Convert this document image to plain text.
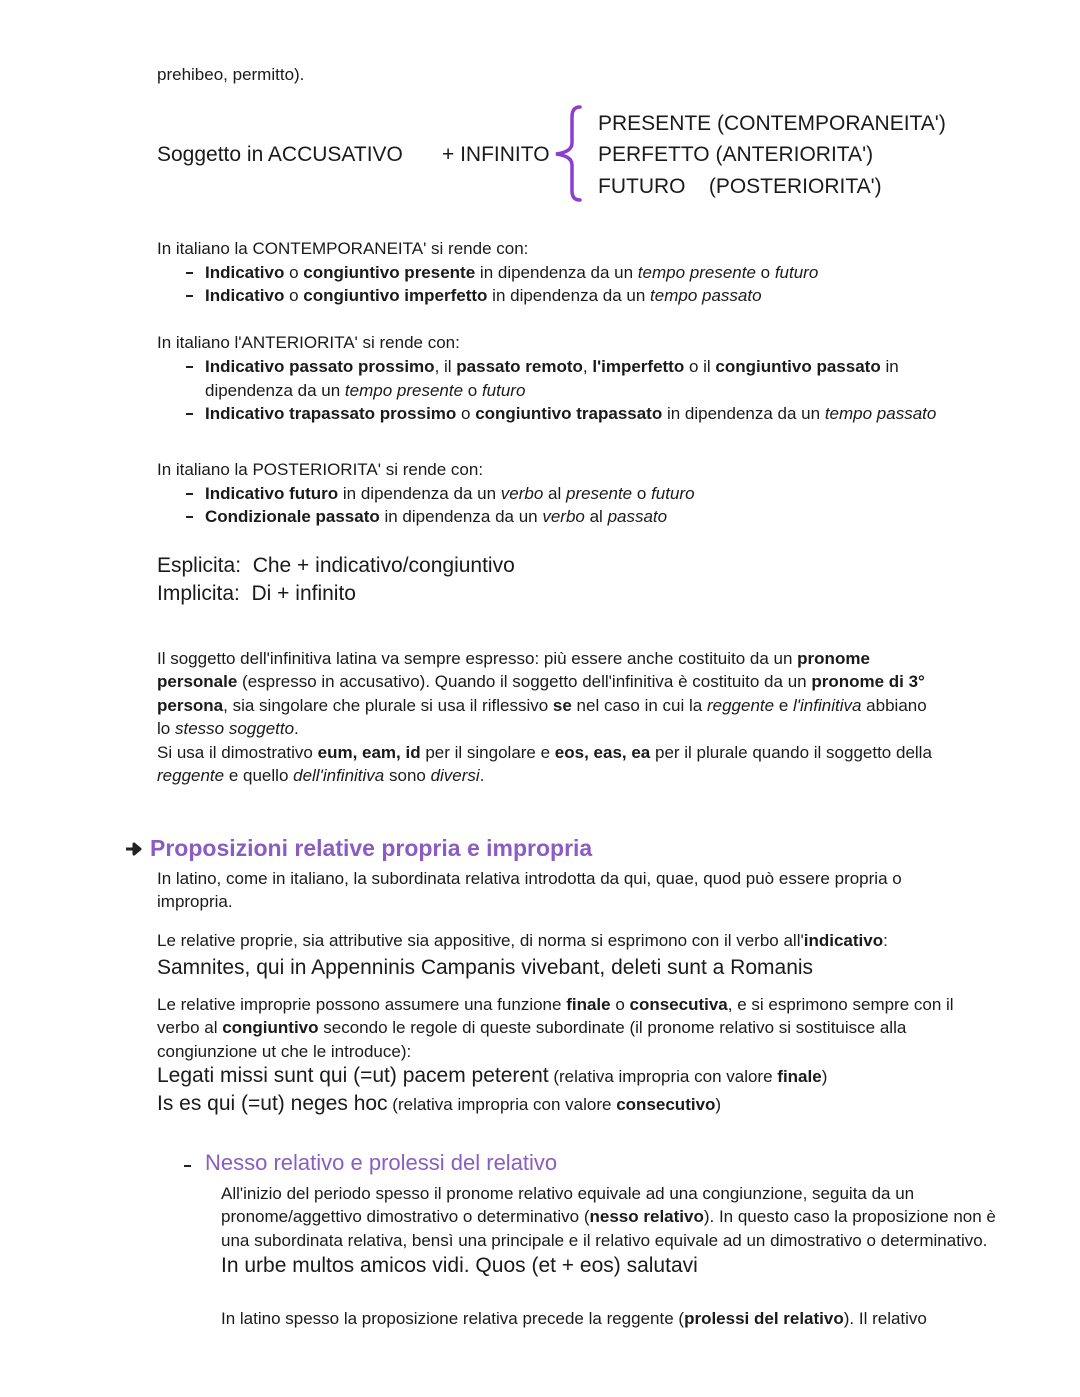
prehibeo, permitto).
Soggetto in ACCUSATIVO + INFINITO
PRESENTE (CONTEMPORANEITA')
PERFETTO (ANTERIORITA')
FUTURO    (POSTERIORITA')
In italiano la CONTEMPORANEITA' si rende con:
Indicativo o congiuntivo presente in dipendenza da un tempo presente o futuro
Indicativo o congiuntivo imperfetto in dipendenza da un tempo passato
In italiano l'ANTERIORITA' si rende con:
Indicativo passato prossimo, il passato remoto, l'imperfetto o il congiuntivo passato in
dipendenza da un tempo presente o futuro
Indicativo trapassato prossimo o congiuntivo trapassato in dipendenza da un tempo passato
In italiano la POSTERIORITA' si rende con:
Indicativo futuro in dipendenza da un verbo al presente o futuro
Condizionale passato in dipendenza da un verbo al passato
Esplicita:  Che + indicativo/congiuntivo
Implicita:  Di + infinito
Il soggetto dell'infinitiva latina va sempre espresso: più essere anche costituito da un pronome
personale (espresso in accusativo). Quando il soggetto dell'infinitiva è costituito da un pronome di 3°
persona, sia singolare che plurale si usa il riflessivo se nel caso in cui la reggente e l'infinitiva abbiano
lo stesso soggetto.
Si usa il dimostrativo eum, eam, id per il singolare e eos, eas, ea per il plurale quando il soggetto della
reggente e quello dell'infinitiva sono diversi.
Proposizioni relative propria e impropria
In latino, come in italiano, la subordinata relativa introdotta da qui, quae, quod può essere propria o
impropria.
Le relative proprie, sia attributive sia appositive, di norma si esprimono con il verbo all'indicativo:
Samnites, qui in Appenninis Campanis vivebant, deleti sunt a Romanis
Le relative improprie possono assumere una funzione finale o consecutiva, e si esprimono sempre con il
verbo al congiuntivo secondo le regole di queste subordinate (il pronome relativo si sostituisce alla
congiunzione ut che le introduce):
Legati missi sunt qui (=ut) pacem peterent (relativa impropria con valore finale)
Is es qui (=ut) neges hoc (relativa impropria con valore consecutivo)
Nesso relativo e prolessi del relativo
All'inizio del periodo spesso il pronome relativo equivale ad una congiunzione, seguita da un
pronome/aggettivo dimostrativo o determinativo (nesso relativo). In questo caso la proposizione non è
una subordinata relativa, bensì una principale e il relativo equivale ad un dimostrativo o determinativo.
In urbe multos amicos vidi. Quos (et + eos) salutavi
In latino spesso la proposizione relativa precede la reggente (prolessi del relativo). Il relativo
